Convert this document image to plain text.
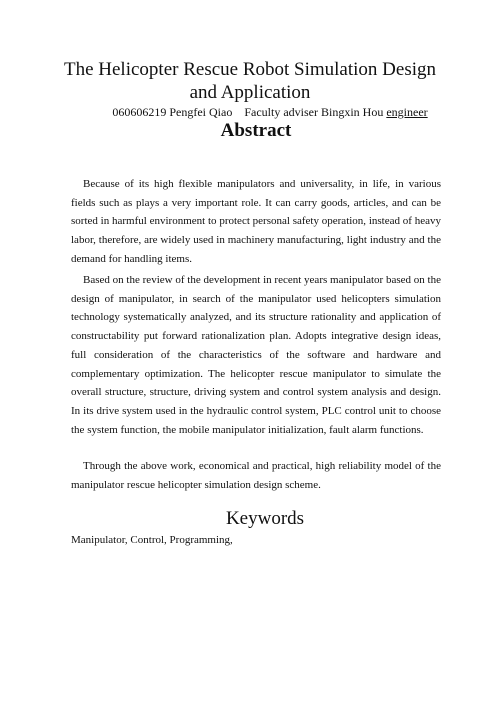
The Helicopter Rescue Robot Simulation Design
and Application
060606219 Pengfei Qiao Faculty adviser Bingxin Hou engineer
Abstract

Because of its high flexible manipulators and universality, in life, in various fields such as plays a very important role. It can carry goods, articles, and can be sorted in harmful environment to protect personal safety operation, instead of heavy labor, therefore, are widely used in machinery manufacturing, light industry and the demand for handling items.

Based on the review of the development in recent years manipulator based on the design of manipulator, in search of the manipulator used helicopters simulation technology systematically analyzed, and its structure rationality and application of constructability put forward rationalization plan. Adopts integrative design ideas, full consideration of the characteristics of the software and hardware and complementary optimization. The helicopter rescue manipulator to simulate the overall structure, structure, driving system and control system analysis and design. In its drive system used in the hydraulic control system, PLC control unit to choose the system function, the mobile manipulator initialization, fault alarm functions.

Through the above work, economical and practical, high reliability model of the manipulator rescue helicopter simulation design scheme.

Keywords

Manipulator, Control, Programming,
